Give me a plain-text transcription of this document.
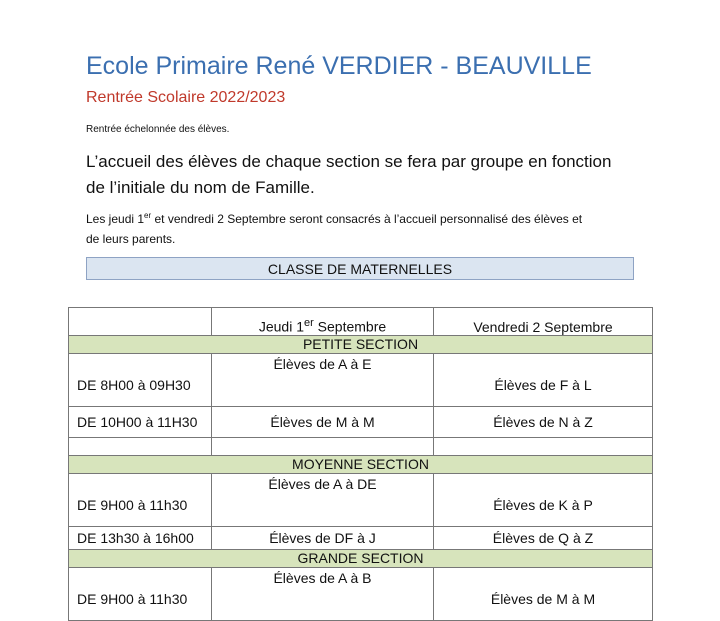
Ecole Primaire René VERDIER - BEAUVILLE
Rentrée Scolaire 2022/2023
Rentrée échelonnée des élèves.
L’accueil des élèves de chaque section se fera par groupe en fonction
de l’initiale du nom de Famille.
Les jeudi 1er et vendredi 2 Septembre seront consacrés à l’accueil personnalisé des élèves et
de leurs parents.
CLASSE DE MATERNELLES
	Jeudi 1er Septembre	Vendredi 2 Septembre
PETITE SECTION		
DE 8H00 à 09H30	Élèves de A à E	Élèves de F à L
DE 10H00 à 11H30	Élèves de M à M	Élèves de N à Z

MOYENNE SECTION		
DE 9H00 à 11h30	Élèves de A à DE	Élèves de K à P
DE 13h30 à 16h00	Élèves de DF à J	Élèves de Q à Z
GRANDE SECTION		
DE 9H00 à 11h30	Élèves de A à B	Élèves de M à M
